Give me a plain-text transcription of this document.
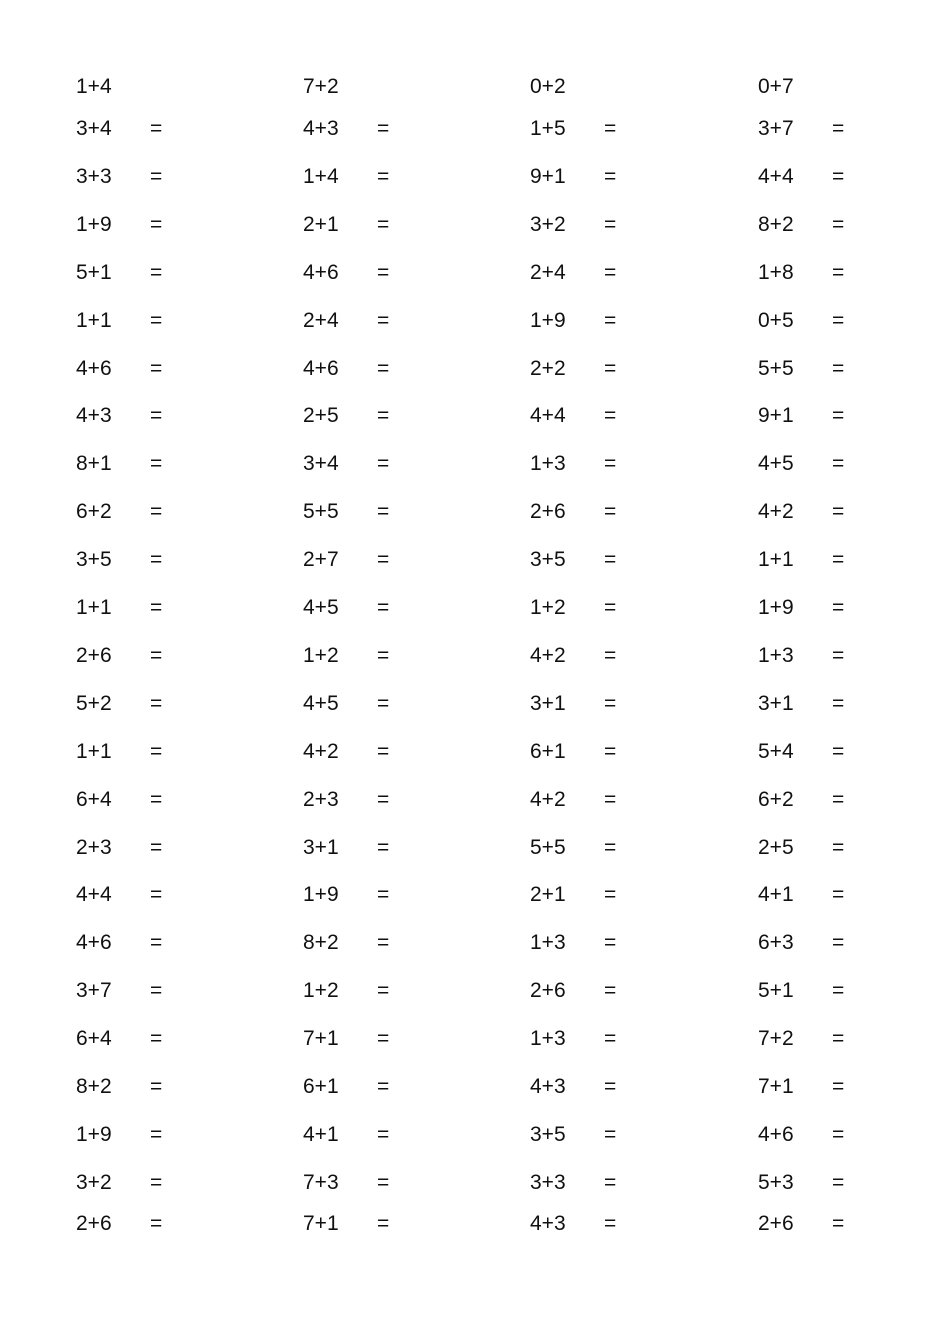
1+4	7+2	0+2	0+7
3+4 =	4+3 =	1+5 =	3+7 =
3+3 =	1+4 =	9+1 =	4+4 =
1+9 =	2+1 =	3+2 =	8+2 =
5+1 =	4+6 =	2+4 =	1+8 =
1+1 =	2+4 =	1+9 =	0+5 =
4+6 =	4+6 =	2+2 =	5+5 =
4+3 =	2+5 =	4+4 =	9+1 =
8+1 =	3+4 =	1+3 =	4+5 =
6+2 =	5+5 =	2+6 =	4+2 =
3+5 =	2+7 =	3+5 =	1+1 =
1+1 =	4+5 =	1+2 =	1+9 =
2+6 =	1+2 =	4+2 =	1+3 =
5+2 =	4+5 =	3+1 =	3+1 =
1+1 =	4+2 =	6+1 =	5+4 =
6+4 =	2+3 =	4+2 =	6+2 =
2+3 =	3+1 =	5+5 =	2+5 =
4+4 =	1+9 =	2+1 =	4+1 =
4+6 =	8+2 =	1+3 =	6+3 =
3+7 =	1+2 =	2+6 =	5+1 =
6+4 =	7+1 =	1+3 =	7+2 =
8+2 =	6+1 =	4+3 =	7+1 =
1+9 =	4+1 =	3+5 =	4+6 =
3+2 =	7+3 =	3+3 =	5+3 =
2+6 =	7+1 =	4+3 =	2+6 =
